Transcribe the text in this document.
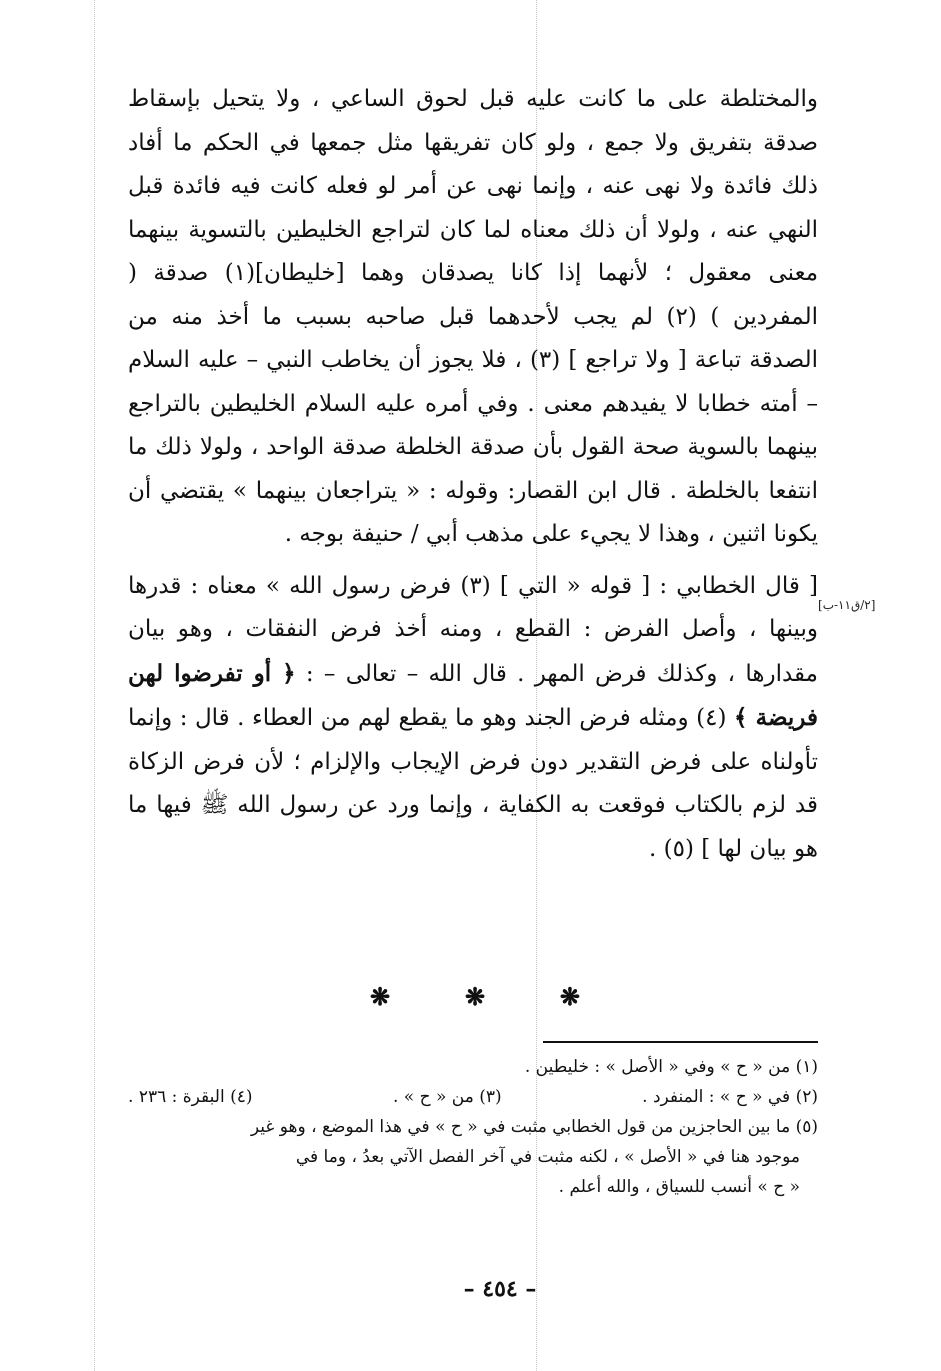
والمختلطة على ما كانت عليه قبل لحوق الساعي ، ولا يتحيل بإسقاط صدقة بتفريق ولا جمع ، ولو كان تفريقها مثل جمعها في الحكم ما أفاد ذلك فائدة ولا نهى عنه ، وإنما نهى عن أمر لو فعله كانت فيه فائدة قبل النهي عنه ، ولولا أن ذلك معناه لما كان لتراجع الخليطين بالتسوية بينهما معنى معقول ؛ لأنهما إذا كانا يصدقان وهما [خليطان](١) صدقة ( المفردين ) (٢) لم يجب لأحدهما قبل صاحبه بسبب ما أخذ منه من الصدقة تباعة [ ولا تراجع ] (٣) ، فلا يجوز أن يخاطب النبي – عليه السلام – أمته خطابا لا يفيدهم معنى . وفي أمره عليه السلام الخليطين بالتراجع بينهما بالسوية صحة القول بأن صدقة الخلطة صدقة الواحد ، ولولا ذلك ما انتفعا بالخلطة . قال ابن القصار: وقوله : « يتراجعان بينهما » يقتضي أن يكونا اثنين ، وهذا لا يجيء على مذهب أبي / حنيفة بوجه .

[ قال الخطابي : [ قوله « التي ] (٣) فرض رسول الله » معناه : قدرها وبينها ، وأصل الفرض : القطع ، ومنه أخذ فرض النفقات ، وهو بيان مقدارها ، وكذلك فرض المهر . قال الله – تعالى – : ﴿ أو تفرضوا لهن فريضة ﴾ (٤) ومثله فرض الجند وهو ما يقطع لهم من العطاء . قال : وإنما تأولناه على فرض التقدير دون فرض الإيجاب والإلزام ؛ لأن فرض الزكاة قد لزم بالكتاب فوقعت به الكفاية ، وإنما ورد عن رسول الله ﷺ فيها ما هو بيان لها ] (٥) .

[٢/ق١١-ب]
❋	❋	❋

(١) من « ح » وفي « الأصل » : خليطين .

(٢) في « ح » : المنفرد .
(٣) من « ح » .
(٤) البقرة : ٢٣٦ .

(٥) ما بين الحاجزين من قول الخطابي مثبت في « ح » في هذا الموضع ، وهو غير

موجود هنا في « الأصل » ، لكنه مثبت في آخر الفصل الآتي بعدُ ، وما في

« ح » أنسب للسياق ، والله أعلم .

– ٤٥٤ –
